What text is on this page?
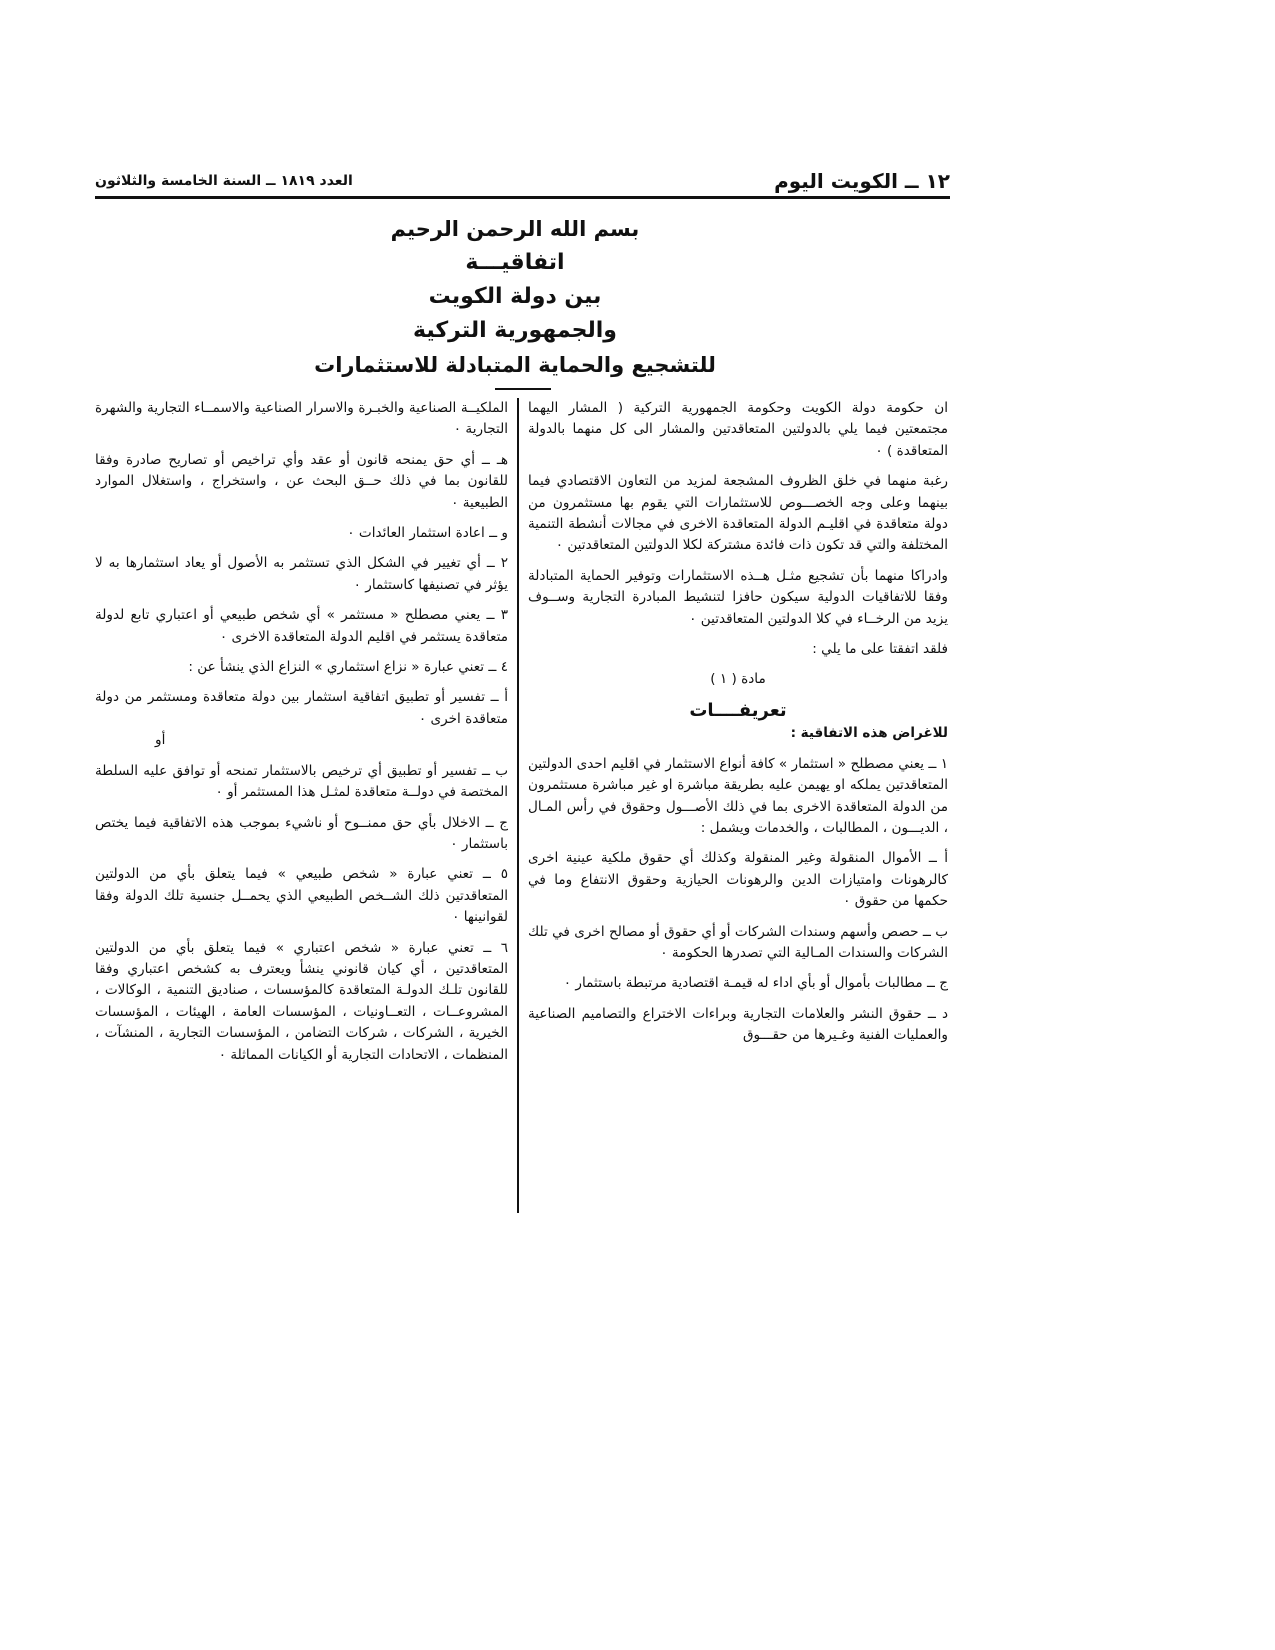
١٢ ــ الكويت اليوم
العدد ١٨١٩ ــ السنة الخامسة والثلاثون

بسم الله الرحمن الرحيم

اتفاقيـــة

بين دولة الكويت

والجمهورية التركية

للتشجيع والحماية المتبادلة للاستثمارات

ان حكومة دولة الكويت وحكومة الجمهورية التركية ( المشار اليهما مجتمعتين فيما يلي بالدولتين المتعاقدتين والمشار الى كل منهما بالدولة المتعاقدة ) ٠

رغبة منهما في خلق الظروف المشجعة لمزيد من التعاون الاقتصادي فيما بينهما وعلى وجه الخصـــوص للاستثمارات التي يقوم بها مستثمرون من دولة متعاقدة في اقليـم الدولة المتعاقدة الاخرى في مجالات أنشطة التنمية المختلفة والتي قد تكون ذات فائدة مشتركة لكلا الدولتين المتعاقدتين ٠

وادراكا منهما بأن تشجيع مثـل هــذه الاستثمارات وتوفير الحماية المتبادلة وفقا للاتفاقيات الدولية سيكون حافزا لتنشيط المبادرة التجارية وســوف يزيد من الرخــاء في كلا الدولتين المتعاقدتين ٠

فلقد اتفقتا على ما يلي :

مادة ( ١ )

تعريفــــات

للاغراض هذه الاتفاقية :

١ ــ يعني مصطلح « استثمار » كافة أنواع الاستثمار في اقليم احدى الدولتين المتعاقدتين يملكه او يهيمن عليه بطريقة مباشرة او غير مباشرة مستثمرون من الدولة المتعاقدة الاخرى بما في ذلك الأصـــول وحقوق في رأس المـال ، الديـــون ، المطالبات ، والخدمات ويشمل :

أ ــ الأموال المنقولة وغير المنقولة وكذلك أي حقوق ملكية عينية اخرى كالرهونات وامتيازات الدين والرهونات الحيازية وحقوق الانتفاع وما في حكمها من حقوق ٠

ب ــ حصص وأسهم وسندات الشركات أو أي حقوق أو مصالح اخرى في تلك الشركات والسندات المـالية التي تصدرها الحكومة ٠

ج ــ مطالبات بأموال أو بأي اداء له قيمـة اقتصادية مرتبطة باستثمار ٠

د ــ حقوق النشر والعلامات التجارية وبراءات الاختراع والتصاميم الصناعية والعمليات الفنية وغـيرها من حقـــوق

الملكيــة الصناعية والخبـرة والاسرار الصناعية والاسمــاء التجارية والشهرة التجارية ٠

هـ ــ أي حق يمنحه قانون أو عقد وأي تراخيص أو تصاريح صادرة وفقا للقانون بما في ذلك حــق البحث عن ، واستخراج ، واستغلال الموارد الطبيعية ٠

و ــ اعادة استثمار العائدات ٠

٢ ــ أي تغيير في الشكل الذي تستثمر به الأصول أو يعاد استثمارها به لا يؤثر في تصنيفها كاستثمار ٠

٣ ــ يعني مصطلح « مستثمر » أي شخص طبيعي أو اعتباري تابع لدولة متعاقدة يستثمر في اقليم الدولة المتعاقدة الاخرى ٠

٤ ــ تعني عبارة « نزاع استثماري » النزاع الذي ينشأ عن :

أ ــ تفسير أو تطبيق اتفاقية استثمار بين دولة متعاقدة ومستثمر من دولة متعاقدة اخرى ٠

أو

ب ــ تفسير أو تطبيق أي ترخيص بالاستثمار تمنحه أو توافق عليه السلطة المختصة في دولــة متعاقدة لمثـل هذا المستثمر أو ٠

ج ــ الاخلال بأي حق ممنــوح أو ناشيء بموجب هذه الاتفاقية فيما يختص باستثمار ٠

٥ ــ تعني عبارة « شخص طبيعي » فيما يتعلق بأي من الدولتين المتعاقدتين ذلك الشــخص الطبيعي الذي يحمــل جنسية تلك الدولة وفقا لقوانينها ٠

٦ ــ تعني عبارة « شخص اعتباري » فيما يتعلق بأي من الدولتين المتعاقدتين ، أي كيان قانوني ينشأ ويعترف به كشخص اعتباري وفقا للقانون تلـك الدولـة المتعاقدة كالمؤسسات ، صناديق التنمية ، الوكالات ، المشروعــات ، التعــاونيات ، المؤسسات العامة ، الهيئات ، المؤسسات الخيرية ، الشركات ، شركات التضامن ، المؤسسات التجارية ، المنشآت ، المنظمات ، الاتحادات التجارية أو الكيانات المماثلة ٠
